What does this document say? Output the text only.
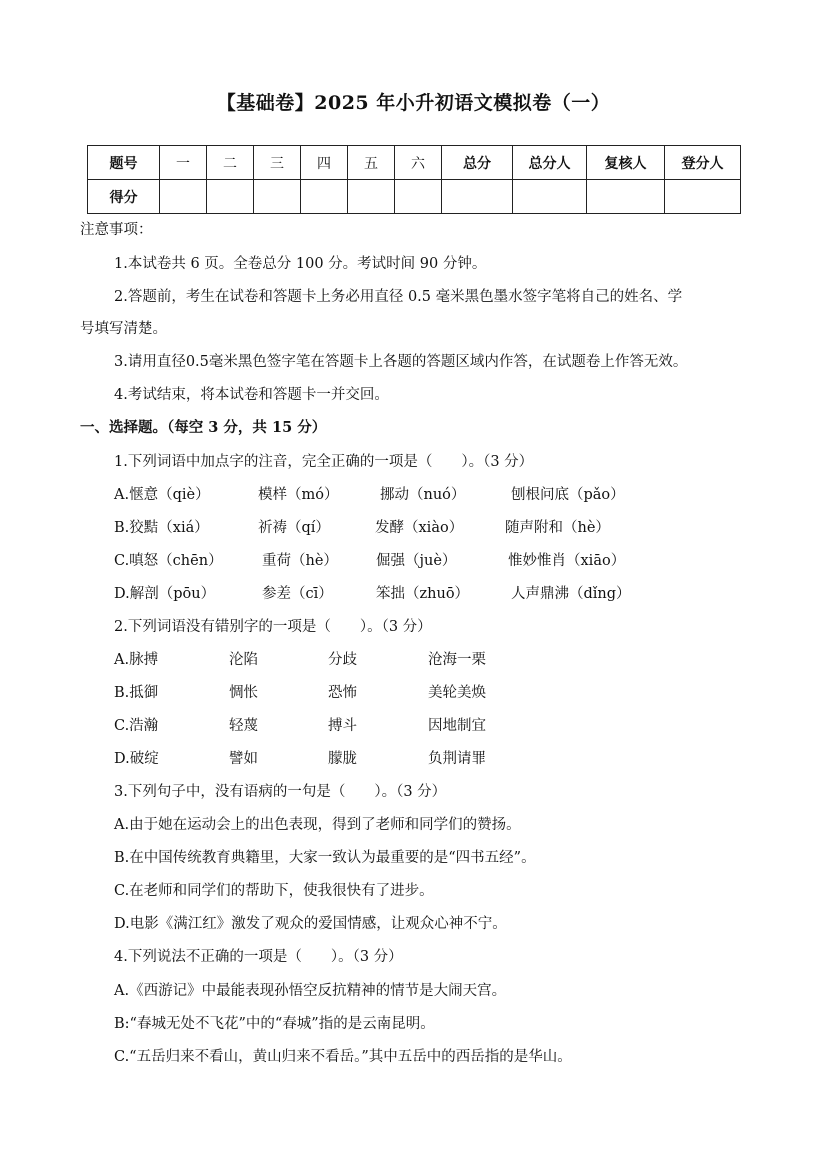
【基础卷】2025 年小升初语文模拟卷（一）
题号	一	二	三	四	五	六	总分	总分人	复核人	登分人
得分										
注意事项：
1.本试卷共 6 页。全卷总分 100 分。考试时间 90 分钟。
2.答题前，考生在试卷和答题卡上务必用直径 0.5 毫米黑色墨水签字笔将自己的姓名、学
号填写清楚。
3.请用直径0.5毫米黑色签字笔在答题卡上各题的答题区域内作答，在试题卷上作答无效。
4.考试结束，将本试卷和答题卡一并交回。
一、选择题。（每空 3 分，共 15 分）
1.下列词语中加点字的注音，完全正确的一项是（　　）。（3 分）
A.惬意（qiè）	模样（mó）	挪动（nuó）	刨根问底（pǎo）
B.狡黠（xiá）	祈祷（qí）	发酵（xiào）	随声附和（hè）
C.嗔怒（chēn）	重荷（hè）	倔强（juè）	惟妙惟肖（xiāo）
D.解剖（pōu）	参差（cī）	笨拙（zhuō）	人声鼎沸（dǐng）
2.下列词语没有错别字的一项是（　　）。（3 分）
A.脉搏	沦陷	分歧	沧海一栗
B.抵御	惆怅	恐怖	美轮美焕
C.浩瀚	轻蔑	搏斗	因地制宜
D.破绽	譬如	朦胧	负荆请罪
3.下列句子中，没有语病的一句是（　　）。（3 分）
A.由于她在运动会上的出色表现，得到了老师和同学们的赞扬。
B.在中国传统教育典籍里，大家一致认为最重要的是“四书五经”。
C.在老师和同学们的帮助下，使我很快有了进步。
D.电影《满江红》激发了观众的爱国情感，让观众心神不宁。
4.下列说法不正确的一项是（　　）。（3 分）
A.《西游记》中最能表现孙悟空反抗精神的情节是大闹天宫。
B:“春城无处不飞花”中的“春城”指的是云南昆明。
C.“五岳归来不看山，黄山归来不看岳。”其中五岳中的西岳指的是华山。
